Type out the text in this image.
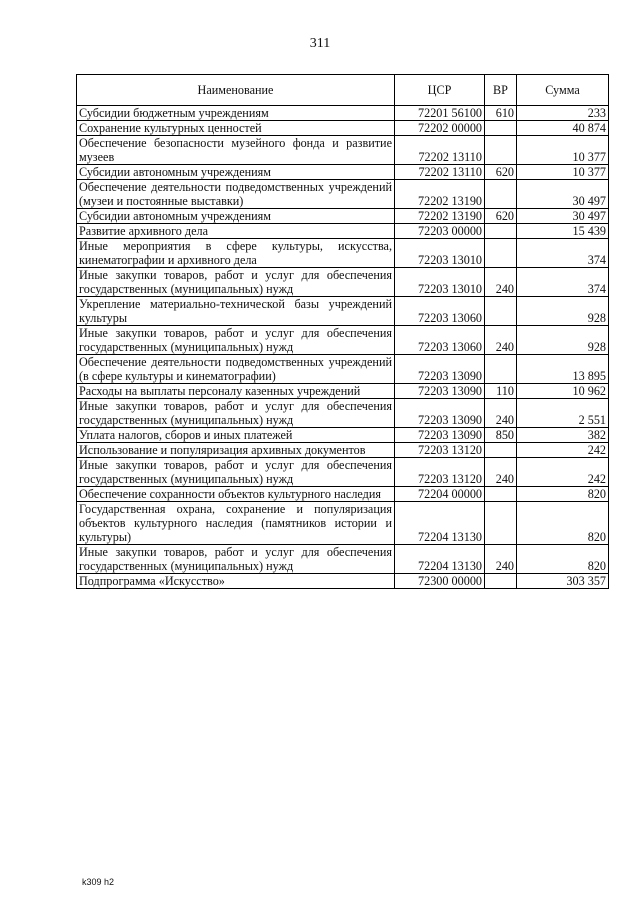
311
Наименование	ЦСР	ВР	Сумма
Субсидии бюджетным учреждениям	72201 56100	610	233
Сохранение культурных ценностей	72202 00000		40 874
Обеспечение безопасности музейного фонда и развитие музеев	72202 13110		10 377
Субсидии автономным учреждениям	72202 13110	620	10 377
Обеспечение деятельности подведомственных учреждений (музеи и постоянные выставки)	72202 13190		30 497
Субсидии автономным учреждениям	72202 13190	620	30 497
Развитие архивного дела	72203 00000		15 439
Иные мероприятия в сфере культуры, искусства, кинематографии и архивного дела	72203 13010		374
Иные закупки товаров, работ и услуг для обеспечения государственных (муниципальных) нужд	72203 13010	240	374
Укрепление материально-технической базы учреждений культуры	72203 13060		928
Иные закупки товаров, работ и услуг для обеспечения государственных (муниципальных) нужд	72203 13060	240	928
Обеспечение деятельности подведомственных учреждений (в сфере культуры и кинематографии)	72203 13090		13 895
Расходы на выплаты персоналу казенных учреждений	72203 13090	110	10 962
Иные закупки товаров, работ и услуг для обеспечения государственных (муниципальных) нужд	72203 13090	240	2 551
Уплата налогов, сборов и иных платежей	72203 13090	850	382
Использование и популяризация архивных документов	72203 13120		242
Иные закупки товаров, работ и услуг для обеспечения государственных (муниципальных) нужд	72203 13120	240	242
Обеспечение сохранности объектов культурного наследия	72204 00000		820
Государственная охрана, сохранение и популяризация объектов культурного наследия (памятников истории и культуры)	72204 13130		820
Иные закупки товаров, работ и услуг для обеспечения государственных (муниципальных) нужд	72204 13130	240	820
Подпрограмма «Искусство»	72300 00000		303 357
k309 h2
